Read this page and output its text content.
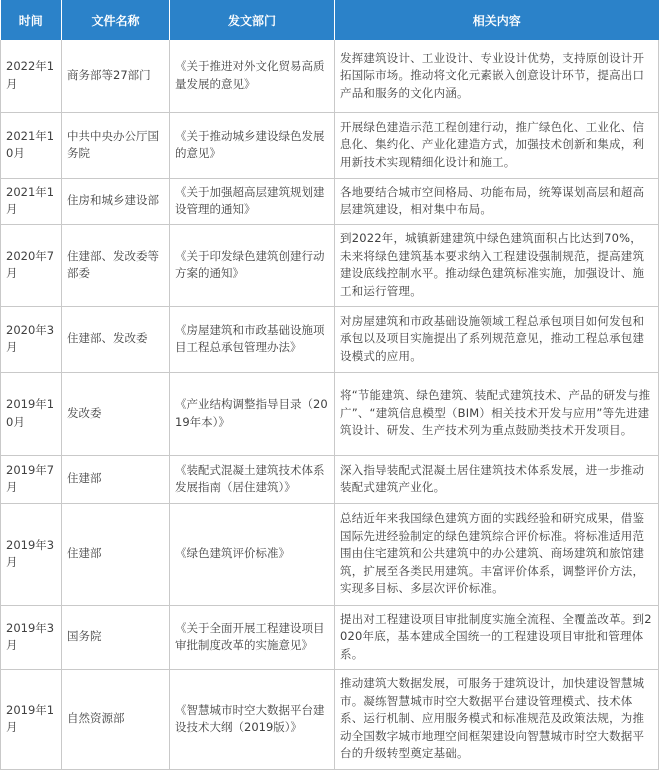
时间	文件名称	发文部门	相关内容
2022年1月	商务部等27部门	《关于推进对外文化贸易高质量发展的意见》	发挥建筑设计、工业设计、专业设计优势，支持原创设计开拓国际市场。推动将文化元素嵌入创意设计环节，提高出口产品和服务的文化内涵。
2021年10月	中共中央办公厅国务院	《关于推动城乡建设绿色发展的意见》	开展绿色建造示范工程创建行动，推广绿色化、工业化、信息化、集约化、产业化建造方式，加强技术创新和集成，利用新技术实现精细化设计和施工。
2021年1月	住房和城乡建设部	《关于加强超高层建筑规划建设管理的通知》	各地要结合城市空间格局、功能布局，统筹谋划高层和超高层建筑建设，相对集中布局。
2020年7月	住建部、发改委等部委	《关于印发绿色建筑创建行动方案的通知》	到2022年，城镇新建建筑中绿色建筑面积占比达到70%，未来将绿色建筑基本要求纳入工程建设强制规范，提高建筑建设底线控制水平。推动绿色建筑标准实施，加强设计、施工和运行管理。
2020年3月	住建部、发改委	《房屋建筑和市政基础设施项目工程总承包管理办法》	对房屋建筑和市政基础设施领域工程总承包项目如何发包和承包以及项目实施提出了系列规范意见，推动工程总承包建设模式的应用。
2019年10月	发改委	《产业结构调整指导目录（2019年本）》	将“节能建筑、绿色建筑、装配式建筑技术、产品的研发与推广”、“建筑信息模型（BIM）相关技术开发与应用”等先进建筑设计、研发、生产技术列为重点鼓励类技术开发项目。
2019年7月	住建部	《装配式混凝土建筑技术体系发展指南（居住建筑）》	深入指导装配式混凝土居住建筑技术体系发展，进一步推动装配式建筑产业化。
2019年3月	住建部	《绿色建筑评价标准》	总结近年来我国绿色建筑方面的实践经验和研究成果，借鉴国际先进经验制定的绿色建筑综合评价标准。将标准适用范围由住宅建筑和公共建筑中的办公建筑、商场建筑和旅馆建筑，扩展至各类民用建筑。丰富评价体系，调整评价方法，实现多目标、多层次评价标准。
2019年3月	国务院	《关于全面开展工程建设项目审批制度改革的实施意见》	提出对工程建设项目审批制度实施全流程、全覆盖改革。到2020年底，基本建成全国统一的工程建设项目审批和管理体系。
2019年1月	自然资源部	《智慧城市时空大数据平台建设技术大纲（2019版）》	推动建筑大数据发展，可服务于建筑设计，加快建设智慧城市。凝练智慧城市时空大数据平台建设管理模式、技术体系、运行机制、应用服务模式和标准规范及政策法规，为推动全国数字城市地理空间框架建设向智慧城市时空大数据平台的升级转型奠定基础。
